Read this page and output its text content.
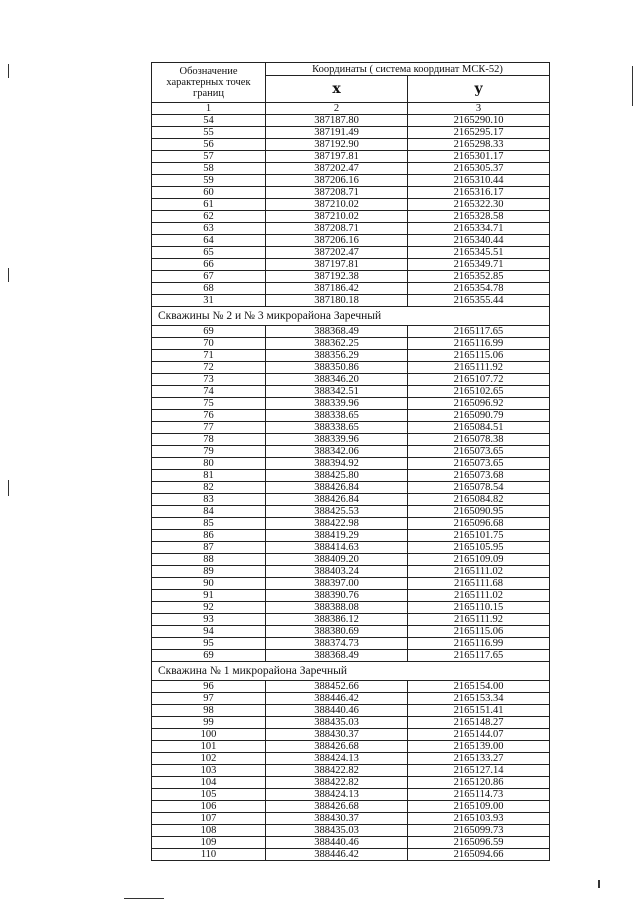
Обозначение характерных точек границ	Координаты ( система координат МСК-52)	
	x	y
1	2	3
54	387187.80	2165290.10
55	387191.49	2165295.17
56	387192.90	2165298.33
57	387197.81	2165301.17
58	387202.47	2165305.37
59	387206.16	2165310.44
60	387208.71	2165316.17
61	387210.02	2165322.30
62	387210.02	2165328.58
63	387208.71	2165334.71
64	387206.16	2165340.44
65	387202.47	2165345.51
66	387197.81	2165349.71
67	387192.38	2165352.85
68	387186.42	2165354.78
31	387180.18	2165355.44
Скважины № 2 и № 3 микрорайона Заречный		
69	388368.49	2165117.65
70	388362.25	2165116.99
71	388356.29	2165115.06
72	388350.86	2165111.92
73	388346.20	2165107.72
74	388342.51	2165102.65
75	388339.96	2165096.92
76	388338.65	2165090.79
77	388338.65	2165084.51
78	388339.96	2165078.38
79	388342.06	2165073.65
80	388394.92	2165073.65
81	388425.80	2165073.68
82	388426.84	2165078.54
83	388426.84	2165084.82
84	388425.53	2165090.95
85	388422.98	2165096.68
86	388419.29	2165101.75
87	388414.63	2165105.95
88	388409.20	2165109.09
89	388403.24	2165111.02
90	388397.00	2165111.68
91	388390.76	2165111.02
92	388388.08	2165110.15
93	388386.12	2165111.92
94	388380.69	2165115.06
95	388374.73	2165116.99
69	388368.49	2165117.65
Скважина № 1 микрорайона Заречный		
96	388452.66	2165154.00
97	388446.42	2165153.34
98	388440.46	2165151.41
99	388435.03	2165148.27
100	388430.37	2165144.07
101	388426.68	2165139.00
102	388424.13	2165133.27
103	388422.82	2165127.14
104	388422.82	2165120.86
105	388424.13	2165114.73
106	388426.68	2165109.00
107	388430.37	2165103.93
108	388435.03	2165099.73
109	388440.46	2165096.59
110	388446.42	2165094.66
